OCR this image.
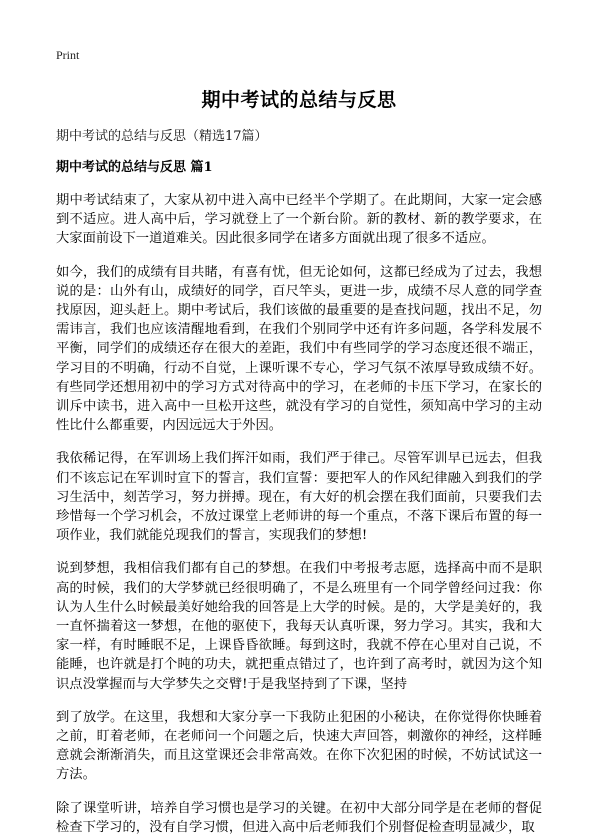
Print
期中考试的总结与反思
期中考试的总结与反思（精选17篇）
期中考试的总结与反思 篇1

期中考试结束了，大家从初中进入高中已经半个学期了。在此期间，大家一定会感到不适应。进人高中后，学习就登上了一个新台阶。新的教材、新的教学要求，在大家面前设下一道道难关。因此很多同学在诸多方面就出现了很多不适应。

如今，我们的成绩有目共睹，有喜有忧，但无论如何，这都已经成为了过去，我想说的是：山外有山，成绩好的同学，百尺竿头，更进一步，成绩不尽人意的同学查找原因，迎头赶上。期中考试后，我们该做的最重要的是查找问题，找出不足，勿需讳言，我们也应该清醒地看到，在我们个别同学中还有许多问题，各学科发展不平衡，同学们的成绩还存在很大的差距，我们中有些同学的学习态度还很不端正，学习目的不明确，行动不自觉，上课听课不专心，学习气氛不浓厚导致成绩不好。有些同学还想用初中的学习方式对待高中的学习，在老师的卡压下学习，在家长的训斥中读书，进入高中一旦松开这些，就没有学习的自觉性，须知高中学习的主动性比什么都重要，内因远远大于外因。

我依稀记得，在军训场上我们挥汗如雨，我们严于律己。尽管军训早已远去，但我们不该忘记在军训时宣下的誓言，我们宣誓：要把军人的作风纪律融入到我们的学习生活中，刻苦学习，努力拼搏。现在，有大好的机会摆在我们面前，只要我们去珍惜每一个学习机会，不放过课堂上老师讲的每一个重点，不落下课后布置的每一项作业，我们就能兑现我们的誓言，实现我们的梦想!

说到梦想，我相信我们都有自己的梦想。在我们中考报考志愿，选择高中而不是职高的时候，我们的大学梦就已经很明确了，不是么班里有一个同学曾经问过我：你认为人生什么时候最美好她给我的回答是上大学的时候。是的，大学是美好的，我一直怀揣着这一梦想，在他的驱使下，我每天认真听课，努力学习。其实，我和大家一样，有时睡眠不足，上课昏昏欲睡。每到这时，我就不停在心里对自己说，不能睡，也许就是打个盹的功夫，就把重点错过了，也许到了高考时，就因为这个知识点没掌握而与大学梦失之交臂!于是我坚持到了下课，坚持

到了放学。在这里，我想和大家分享一下我防止犯困的小秘诀，在你觉得你快睡着之前，盯着老师，在老师问一个问题之后，快速大声回答，刺激你的神经，这样睡意就会渐渐消失，而且这堂课还会非常高效。在你下次犯困的时候，不妨试试这一方法。

除了课堂听讲，培养自学习惯也是学习的关键。在初中大部分同学是在老师的督促检查下学习的，没有自学习惯，但进入高中后老师我们个别督促检查明显减少，取
